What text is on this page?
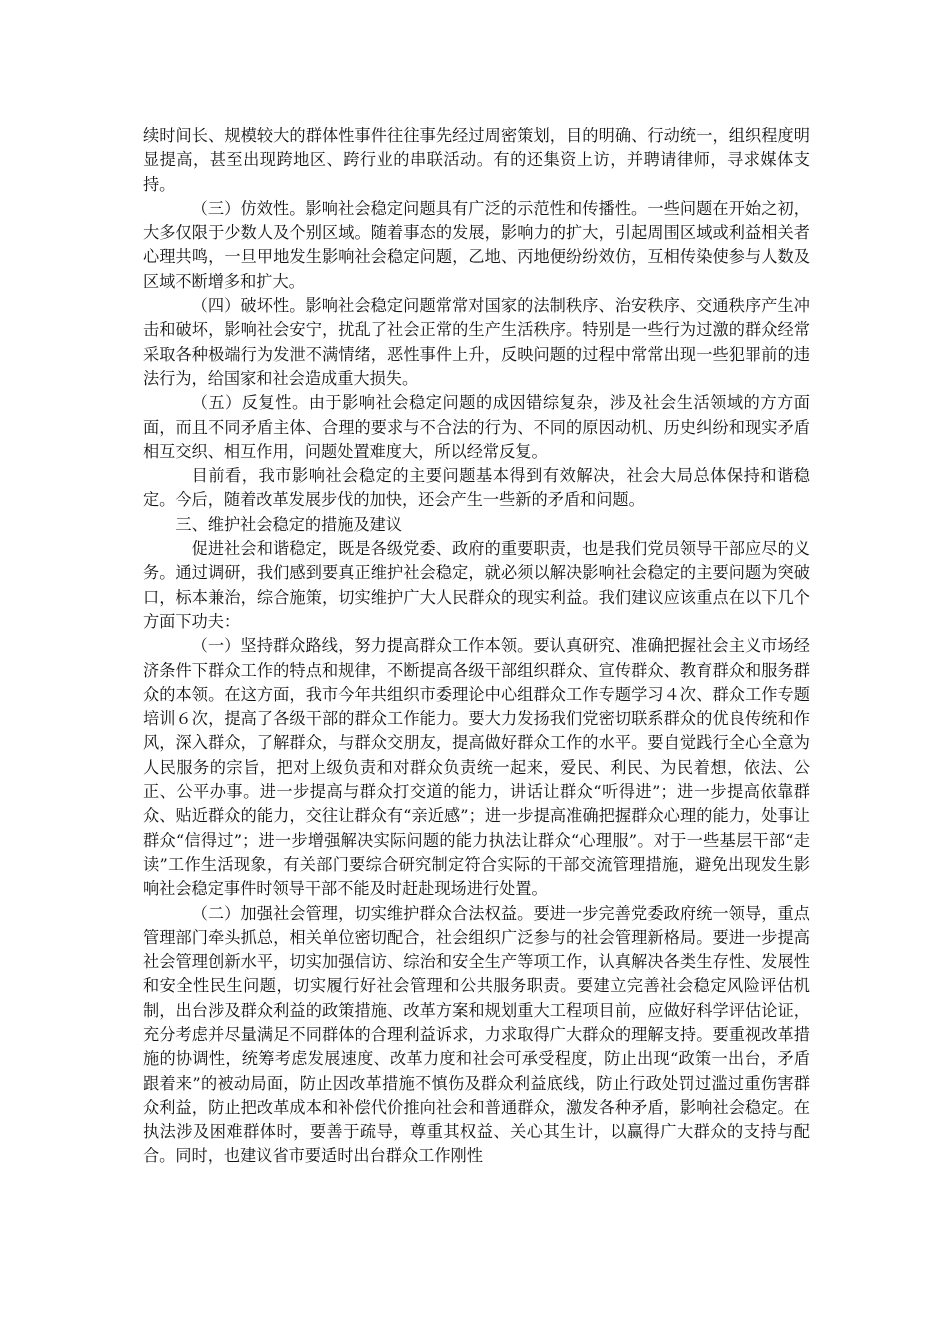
续时间长、规模较大的群体性事件往往事先经过周密策划，目的明确、行动统一，组织程度明显提高，甚至出现跨地区、跨行业的串联活动。有的还集资上访，并聘请律师，寻求媒体支持。

（三）仿效性。影响社会稳定问题具有广泛的示范性和传播性。一些问题在开始之初，大多仅限于少数人及个别区域。随着事态的发展，影响力的扩大，引起周围区域或利益相关者心理共鸣，一旦甲地发生影响社会稳定问题，乙地、丙地便纷纷效仿，互相传染使参与人数及区域不断增多和扩大。

（四）破坏性。影响社会稳定问题常常对国家的法制秩序、治安秩序、交通秩序产生冲击和破坏，影响社会安宁，扰乱了社会正常的生产生活秩序。特别是一些行为过激的群众经常采取各种极端行为发泄不满情绪，恶性事件上升，反映问题的过程中常常出现一些犯罪前的违法行为，给国家和社会造成重大损失。

（五）反复性。由于影响社会稳定问题的成因错综复杂，涉及社会生活领域的方方面面，而且不同矛盾主体、合理的要求与不合法的行为、不同的原因动机、历史纠纷和现实矛盾相互交织、相互作用，问题处置难度大，所以经常反复。

目前看，我市影响社会稳定的主要问题基本得到有效解决，社会大局总体保持和谐稳定。今后，随着改革发展步伐的加快，还会产生一些新的矛盾和问题。

三、维护社会稳定的措施及建议

促进社会和谐稳定，既是各级党委、政府的重要职责，也是我们党员领导干部应尽的义务。通过调研，我们感到要真正维护社会稳定，就必须以解决影响社会稳定的主要问题为突破口，标本兼治，综合施策，切实维护广大人民群众的现实利益。我们建议应该重点在以下几个方面下功夫：

（一）坚持群众路线，努力提高群众工作本领。要认真研究、准确把握社会主义市场经济条件下群众工作的特点和规律，不断提高各级干部组织群众、宣传群众、教育群众和服务群众的本领。在这方面，我市今年共组织市委理论中心组群众工作专题学习４次、群众工作专题培训６次，提高了各级干部的群众工作能力。要大力发扬我们党密切联系群众的优良传统和作风，深入群众，了解群众，与群众交朋友，提高做好群众工作的水平。要自觉践行全心全意为人民服务的宗旨，把对上级负责和对群众负责统一起来，爱民、利民、为民着想，依法、公正、公平办事。进一步提高与群众打交道的能力，讲话让群众“听得进”；进一步提高依靠群众、贴近群众的能力，交往让群众有“亲近感”；进一步提高准确把握群众心理的能力，处事让群众“信得过”；进一步增强解决实际问题的能力执法让群众“心理服”。对于一些基层干部“走读”工作生活现象，有关部门要综合研究制定符合实际的干部交流管理措施，避免出现发生影响社会稳定事件时领导干部不能及时赶赴现场进行处置。

（二）加强社会管理，切实维护群众合法权益。要进一步完善党委政府统一领导，重点管理部门牵头抓总，相关单位密切配合，社会组织广泛参与的社会管理新格局。要进一步提高社会管理创新水平，切实加强信访、综治和安全生产等项工作，认真解决各类生存性、发展性和安全性民生问题，切实履行好社会管理和公共服务职责。要建立完善社会稳定风险评估机制，出台涉及群众利益的政策措施、改革方案和规划重大工程项目前，应做好科学评估论证，充分考虑并尽量满足不同群体的合理利益诉求，力求取得广大群众的理解支持。要重视改革措施的协调性，统筹考虑发展速度、改革力度和社会可承受程度，防止出现“政策一出台，矛盾跟着来”的被动局面，防止因改革措施不慎伤及群众利益底线，防止行政处罚过滥过重伤害群众利益，防止把改革成本和补偿代价推向社会和普通群众，激发各种矛盾，影响社会稳定。在执法涉及困难群体时，要善于疏导，尊重其权益、关心其生计，以赢得广大群众的支持与配合。同时，也建议省市要适时出台群众工作刚性
